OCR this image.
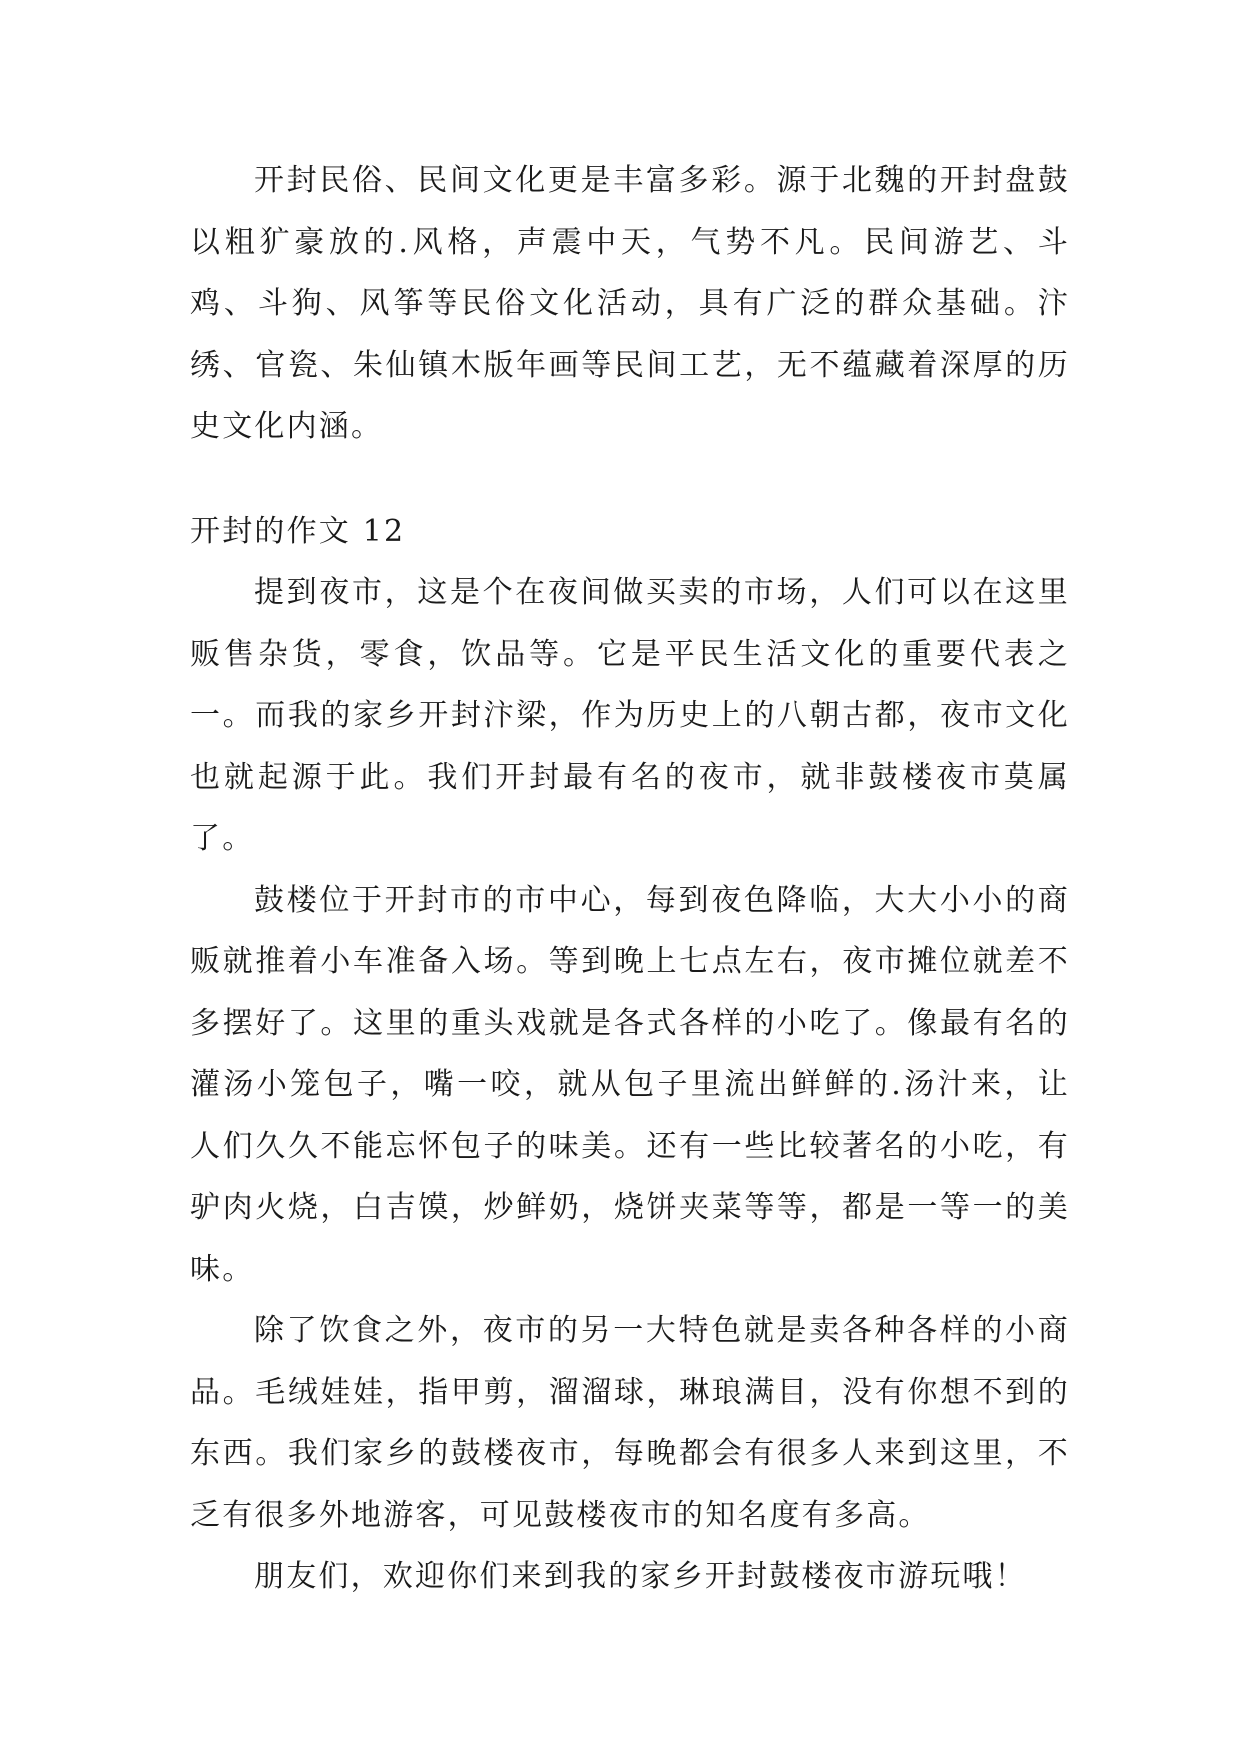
开封民俗、民间文化更是丰富多彩。源于北魏的开封盘鼓以粗犷豪放的.风格，声震中天，气势不凡。民间游艺、斗鸡、斗狗、风筝等民俗文化活动，具有广泛的群众基础。汴绣、官瓷、朱仙镇木版年画等民间工艺，无不蕴藏着深厚的历史文化内涵。

开封的作文 12

提到夜市，这是个在夜间做买卖的市场，人们可以在这里贩售杂货，零食，饮品等。它是平民生活文化的重要代表之一。而我的家乡开封汴梁，作为历史上的八朝古都，夜市文化也就起源于此。我们开封最有名的夜市，就非鼓楼夜市莫属了。

鼓楼位于开封市的市中心，每到夜色降临，大大小小的商贩就推着小车准备入场。等到晚上七点左右，夜市摊位就差不多摆好了。这里的重头戏就是各式各样的小吃了。像最有名的灌汤小笼包子，嘴一咬，就从包子里流出鲜鲜的.汤汁来，让人们久久不能忘怀包子的味美。还有一些比较著名的小吃，有驴肉火烧，白吉馍，炒鲜奶，烧饼夹菜等等，都是一等一的美味。

除了饮食之外，夜市的另一大特色就是卖各种各样的小商品。毛绒娃娃，指甲剪，溜溜球，琳琅满目，没有你想不到的东西。我们家乡的鼓楼夜市，每晚都会有很多人来到这里，不乏有很多外地游客，可见鼓楼夜市的知名度有多高。

朋友们，欢迎你们来到我的家乡开封鼓楼夜市游玩哦！
